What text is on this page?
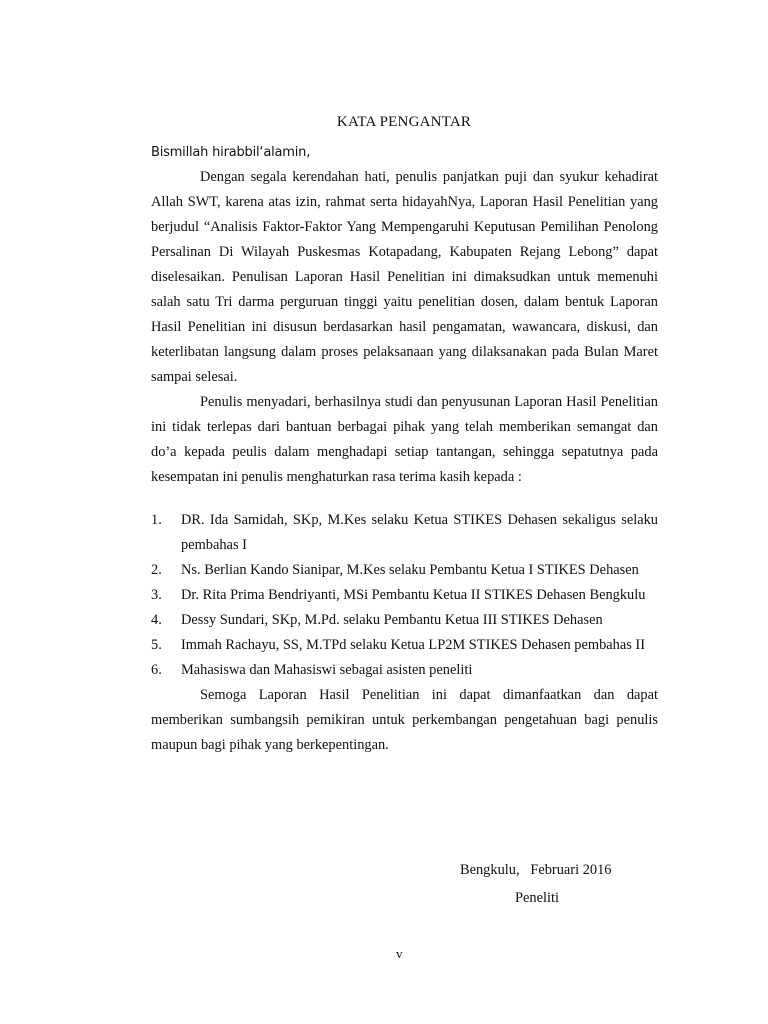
KATA PENGANTAR

Bismillah hirabbil‘alamin,

Dengan segala kerendahan hati, penulis panjatkan puji dan syukur kehadirat Allah SWT, karena atas izin, rahmat serta hidayahNya, Laporan Hasil Penelitian yang berjudul “Analisis Faktor-Faktor Yang Mempengaruhi Keputusan Pemilihan Penolong Persalinan Di Wilayah Puskesmas Kotapadang, Kabupaten Rejang Lebong” dapat diselesaikan. Penulisan Laporan Hasil Penelitian ini dimaksudkan untuk memenuhi salah satu Tri darma perguruan tinggi yaitu penelitian dosen, dalam bentuk Laporan Hasil Penelitian ini disusun berdasarkan hasil pengamatan, wawancara, diskusi, dan keterlibatan langsung dalam proses pelaksanaan yang dilaksanakan pada Bulan Maret sampai selesai.

Penulis menyadari, berhasilnya studi dan penyusunan Laporan Hasil Penelitian ini tidak terlepas dari bantuan berbagai pihak yang telah memberikan semangat dan do’a kepada peulis dalam menghadapi setiap tantangan, sehingga sepatutnya pada kesempatan ini penulis menghaturkan rasa terima kasih kepada :

1.	DR. Ida Samidah, SKp, M.Kes selaku Ketua STIKES Dehasen sekaligus selaku pembahas I
2.	Ns. Berlian Kando Sianipar, M.Kes selaku Pembantu Ketua I STIKES Dehasen
3.	Dr. Rita Prima Bendriyanti, MSi Pembantu Ketua II STIKES Dehasen Bengkulu
4.	Dessy Sundari, SKp, M.Pd. selaku Pembantu Ketua III STIKES Dehasen
5.	Immah Rachayu, SS, M.TPd selaku Ketua LP2M STIKES Dehasen pembahas II
6.	Mahasiswa dan Mahasiswi sebagai asisten peneliti

Semoga Laporan Hasil Penelitian ini dapat dimanfaatkan dan dapat memberikan sumbangsih pemikiran untuk perkembangan pengetahuan bagi penulis maupun bagi pihak yang berkepentingan.

Bengkulu,   Februari 2016
Peneliti
v
